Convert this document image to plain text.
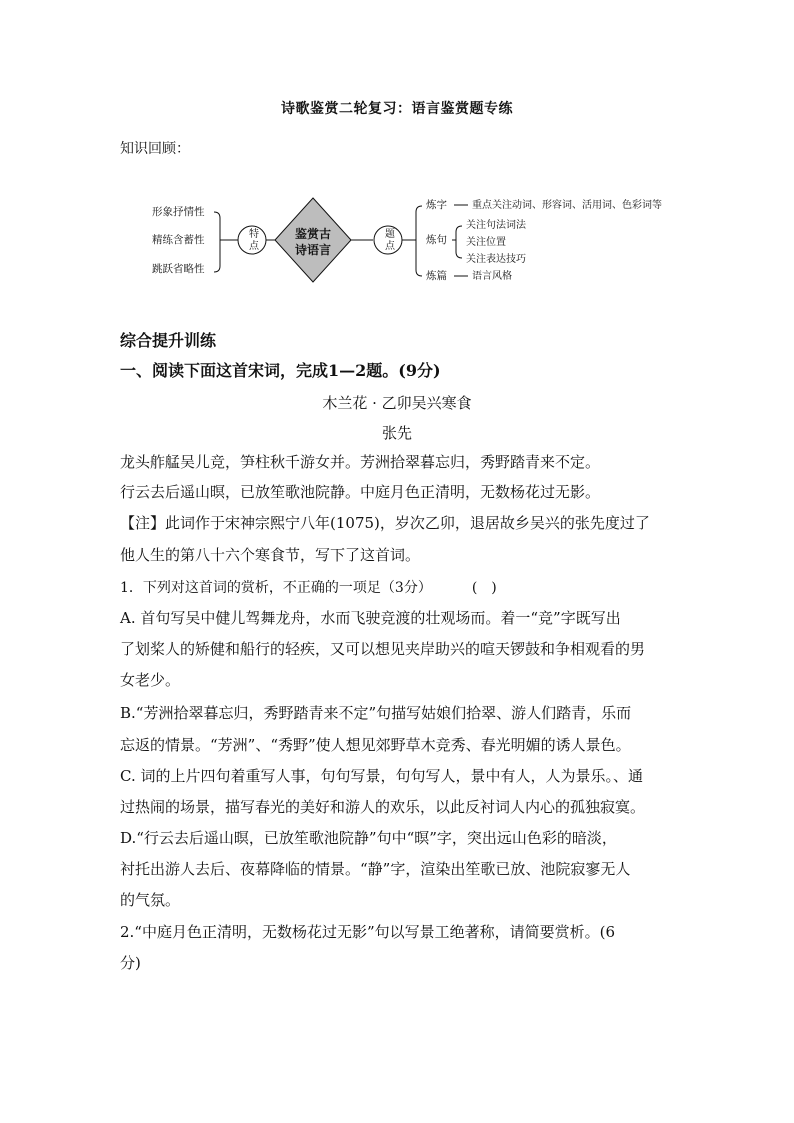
诗歌鉴赏二轮复习：语言鉴赏题专练
知识回顾：
形象抒情性
精练含蓄性
跳跃省略性
特点	鉴赏古
诗语言	题点
炼字	重点关注动词、形容词、活用词、色彩词等
炼句
关注句法词法
关注位置
关注表达技巧
炼篇	语言风格
综合提升训练
一、阅读下面这首宋词，完成1—2题。(9分)
木兰花 · 乙卯吴兴寒食
张先
龙头舴艋吴儿竞，笋柱秋千游女并。芳洲拾翠暮忘归，秀野踏青来不定。
行云去后遥山暝，已放笙歌池院静。中庭月色正清明，无数杨花过无影。
【注】此词作于宋神宗熙宁八年(1075)，岁次乙卯，退居故乡吴兴的张先度过了
他人生的第八十六个寒食节，写下了这首词。
1．下列对这首词的赏析，不正确的一项足（3分）	(　)
A. 首句写吴中健儿驾舞龙舟，水而飞驶竞渡的壮观场而。着一“竞”字既写出
了划桨人的矫健和船行的轻疾，又可以想见夹岸助兴的喧天锣鼓和争相观看的男
女老少。
B.“芳洲拾翠暮忘归，秀野踏青来不定”句描写姑娘们拾翠、游人们踏青，乐而
忘返的情景。“芳洲”、“秀野”使人想见郊野草木竞秀、春光明媚的诱人景色。
C. 词的上片四句着重写人事，句句写景，句句写人，景中有人，人为景乐。、通
过热闹的场景，描写春光的美好和游人的欢乐，以此反衬词人内心的孤独寂寞。
D.“行云去后遥山暝，已放笙歌池院静”句中“暝”字，突出远山色彩的暗淡，
衬托出游人去后、夜幕降临的情景。“静”字，渲染出笙歌已放、池院寂寥无人
的气氛。
2.“中庭月色正清明，无数杨花过无影”句以写景工绝著称，请简要赏析。(6
分)
